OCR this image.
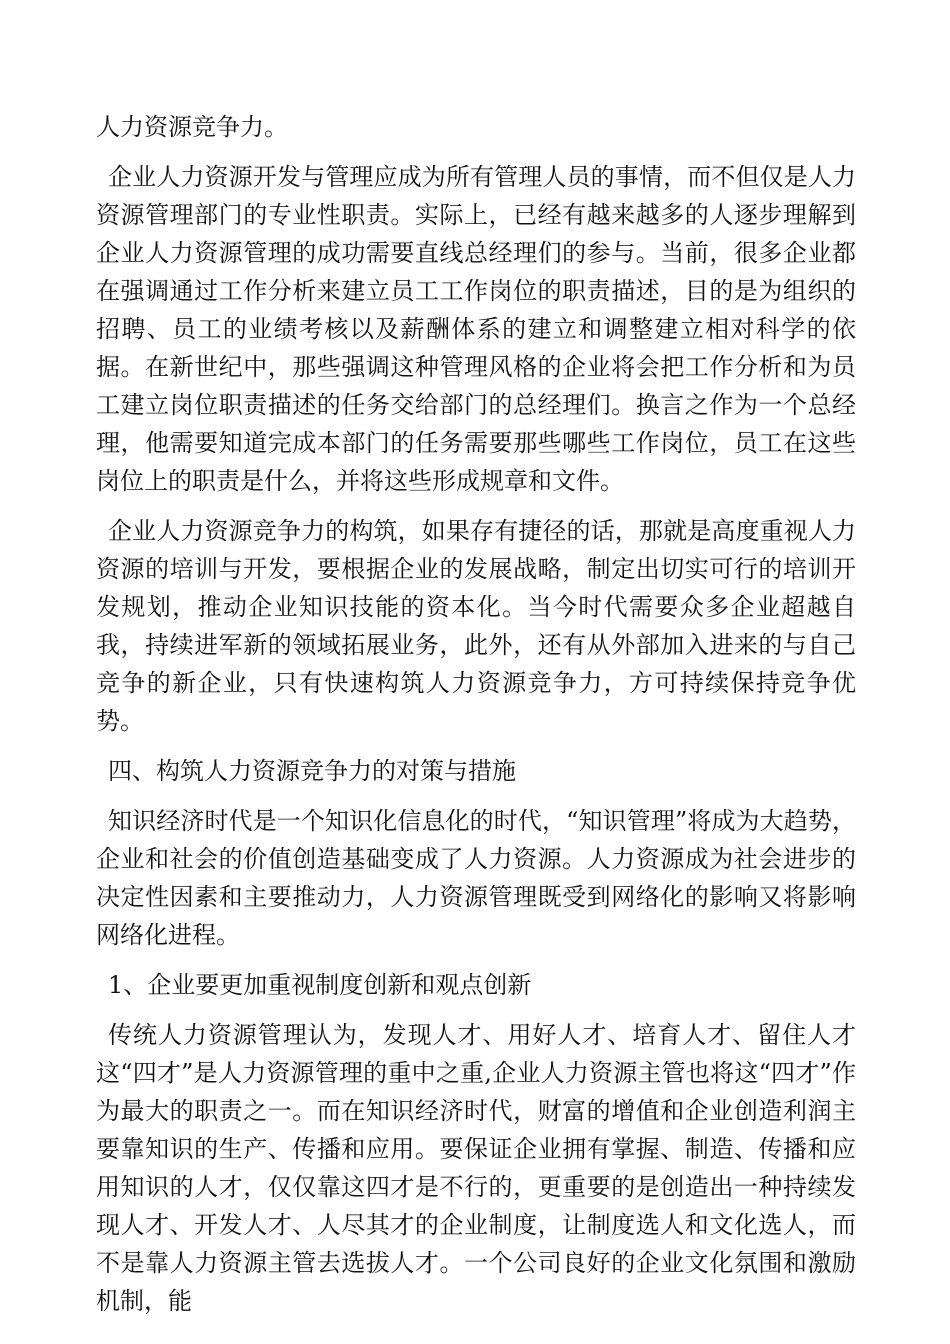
人力资源竞争力。

企业人力资源开发与管理应成为所有管理人员的事情，而不但仅是人力资源管理部门的专业性职责。实际上，已经有越来越多的人逐步理解到企业人力资源管理的成功需要直线总经理们的参与。当前，很多企业都在强调通过工作分析来建立员工工作岗位的职责描述，目的是为组织的招聘、员工的业绩考核以及薪酬体系的建立和调整建立相对科学的依据。在新世纪中，那些强调这种管理风格的企业将会把工作分析和为员工建立岗位职责描述的任务交给部门的总经理们。换言之作为一个总经理，他需要知道完成本部门的任务需要那些哪些工作岗位，员工在这些岗位上的职责是什么，并将这些形成规章和文件。

企业人力资源竞争力的构筑，如果存有捷径的话，那就是高度重视人力资源的培训与开发，要根据企业的发展战略，制定出切实可行的培训开发规划，推动企业知识技能的资本化。当今时代需要众多企业超越自我，持续进军新的领域拓展业务，此外，还有从外部加入进来的与自己竞争的新企业，只有快速构筑人力资源竞争力，方可持续保持竞争优势。

四、构筑人力资源竞争力的对策与措施

知识经济时代是一个知识化信息化的时代，“知识管理”将成为大趋势，企业和社会的价值创造基础变成了人力资源。人力资源成为社会进步的决定性因素和主要推动力，人力资源管理既受到网络化的影响又将影响网络化进程。

1、企业要更加重视制度创新和观点创新

传统人力资源管理认为，发现人才、用好人才、培育人才、留住人才这“四才”是人力资源管理的重中之重,企业人力资源主管也将这“四才”作为最大的职责之一。而在知识经济时代，财富的增值和企业创造利润主要靠知识的生产、传播和应用。要保证企业拥有掌握、制造、传播和应用知识的人才，仅仅靠这四才是不行的，更重要的是创造出一种持续发现人才、开发人才、人尽其才的企业制度，让制度选人和文化选人，而不是靠人力资源主管去选拔人才。一个公司良好的企业文化氛围和激励机制，能
